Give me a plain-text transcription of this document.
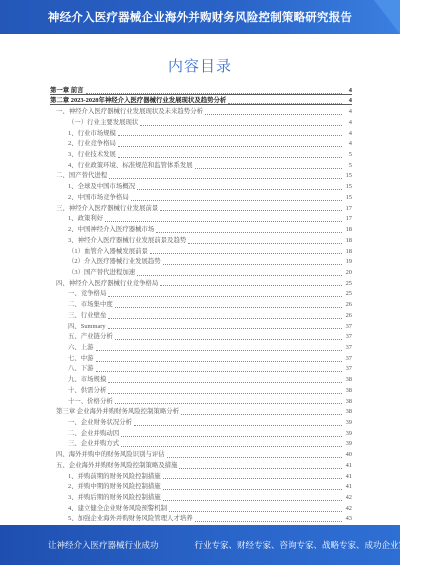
神经介入医疗器械企业海外并购财务风险控制策略研究报告
内容目录
第一章 前言	4
第二章 2023-2028年神经介入医疗器械行业发展现状及趋势分析	4
一、神经介入医疗器械行业发展现状及未来趋势分析	4
（一）行业主要发展现状	4
1、行业市场规模	4
2、行业竞争格局	4
3、行业技术发展	5
4、行业政策环境、标准规范和监管体系发展	5
二、国产替代进程	15
1、全球及中国市场概况	15
2、中国市场竞争格局	15
三、神经介入医疗器械行业发展前景	17
1、政策利好	17
2、中国神经介入医疗器械市场	18
3、神经介入医疗器械行业发展前景及趋势	18
（1）血管介入器械发展前景	18
（2）介入医疗器械行业发展趋势	19
（3）国产替代进程加速	20
四、神经介入医疗器械行业竞争格局	25
一、竞争格局	25
二、市场集中度	26
三、行业壁垒	26
四、Summary	37
五、产业链分析	37
六、上游	37
七、中游	37
八、下游	37
九、市场规模	38
十、供需分析	38
十一、价格分析	38
第三章 企业海外并购财务风险控制策略分析	38
一、企业财务状况分析	39
二、企业并购动因	39
三、企业并购方式	39
四、海外并购中的财务风险识别与评估	40
五、企业海外并购财务风险控制策略及措施	41
1、并购前期的财务风险控制措施	41
2、并购中期的财务风险控制措施	41
3、并购后期的财务风险控制措施	42
4、建立健全企业财务风险预警机制	42
5、加强企业海外并购财务风险管理人才培养	43
让神经介入医疗器械行业成功	行业专家、财经专家、咨询专家、战略专家、成功企业家……
